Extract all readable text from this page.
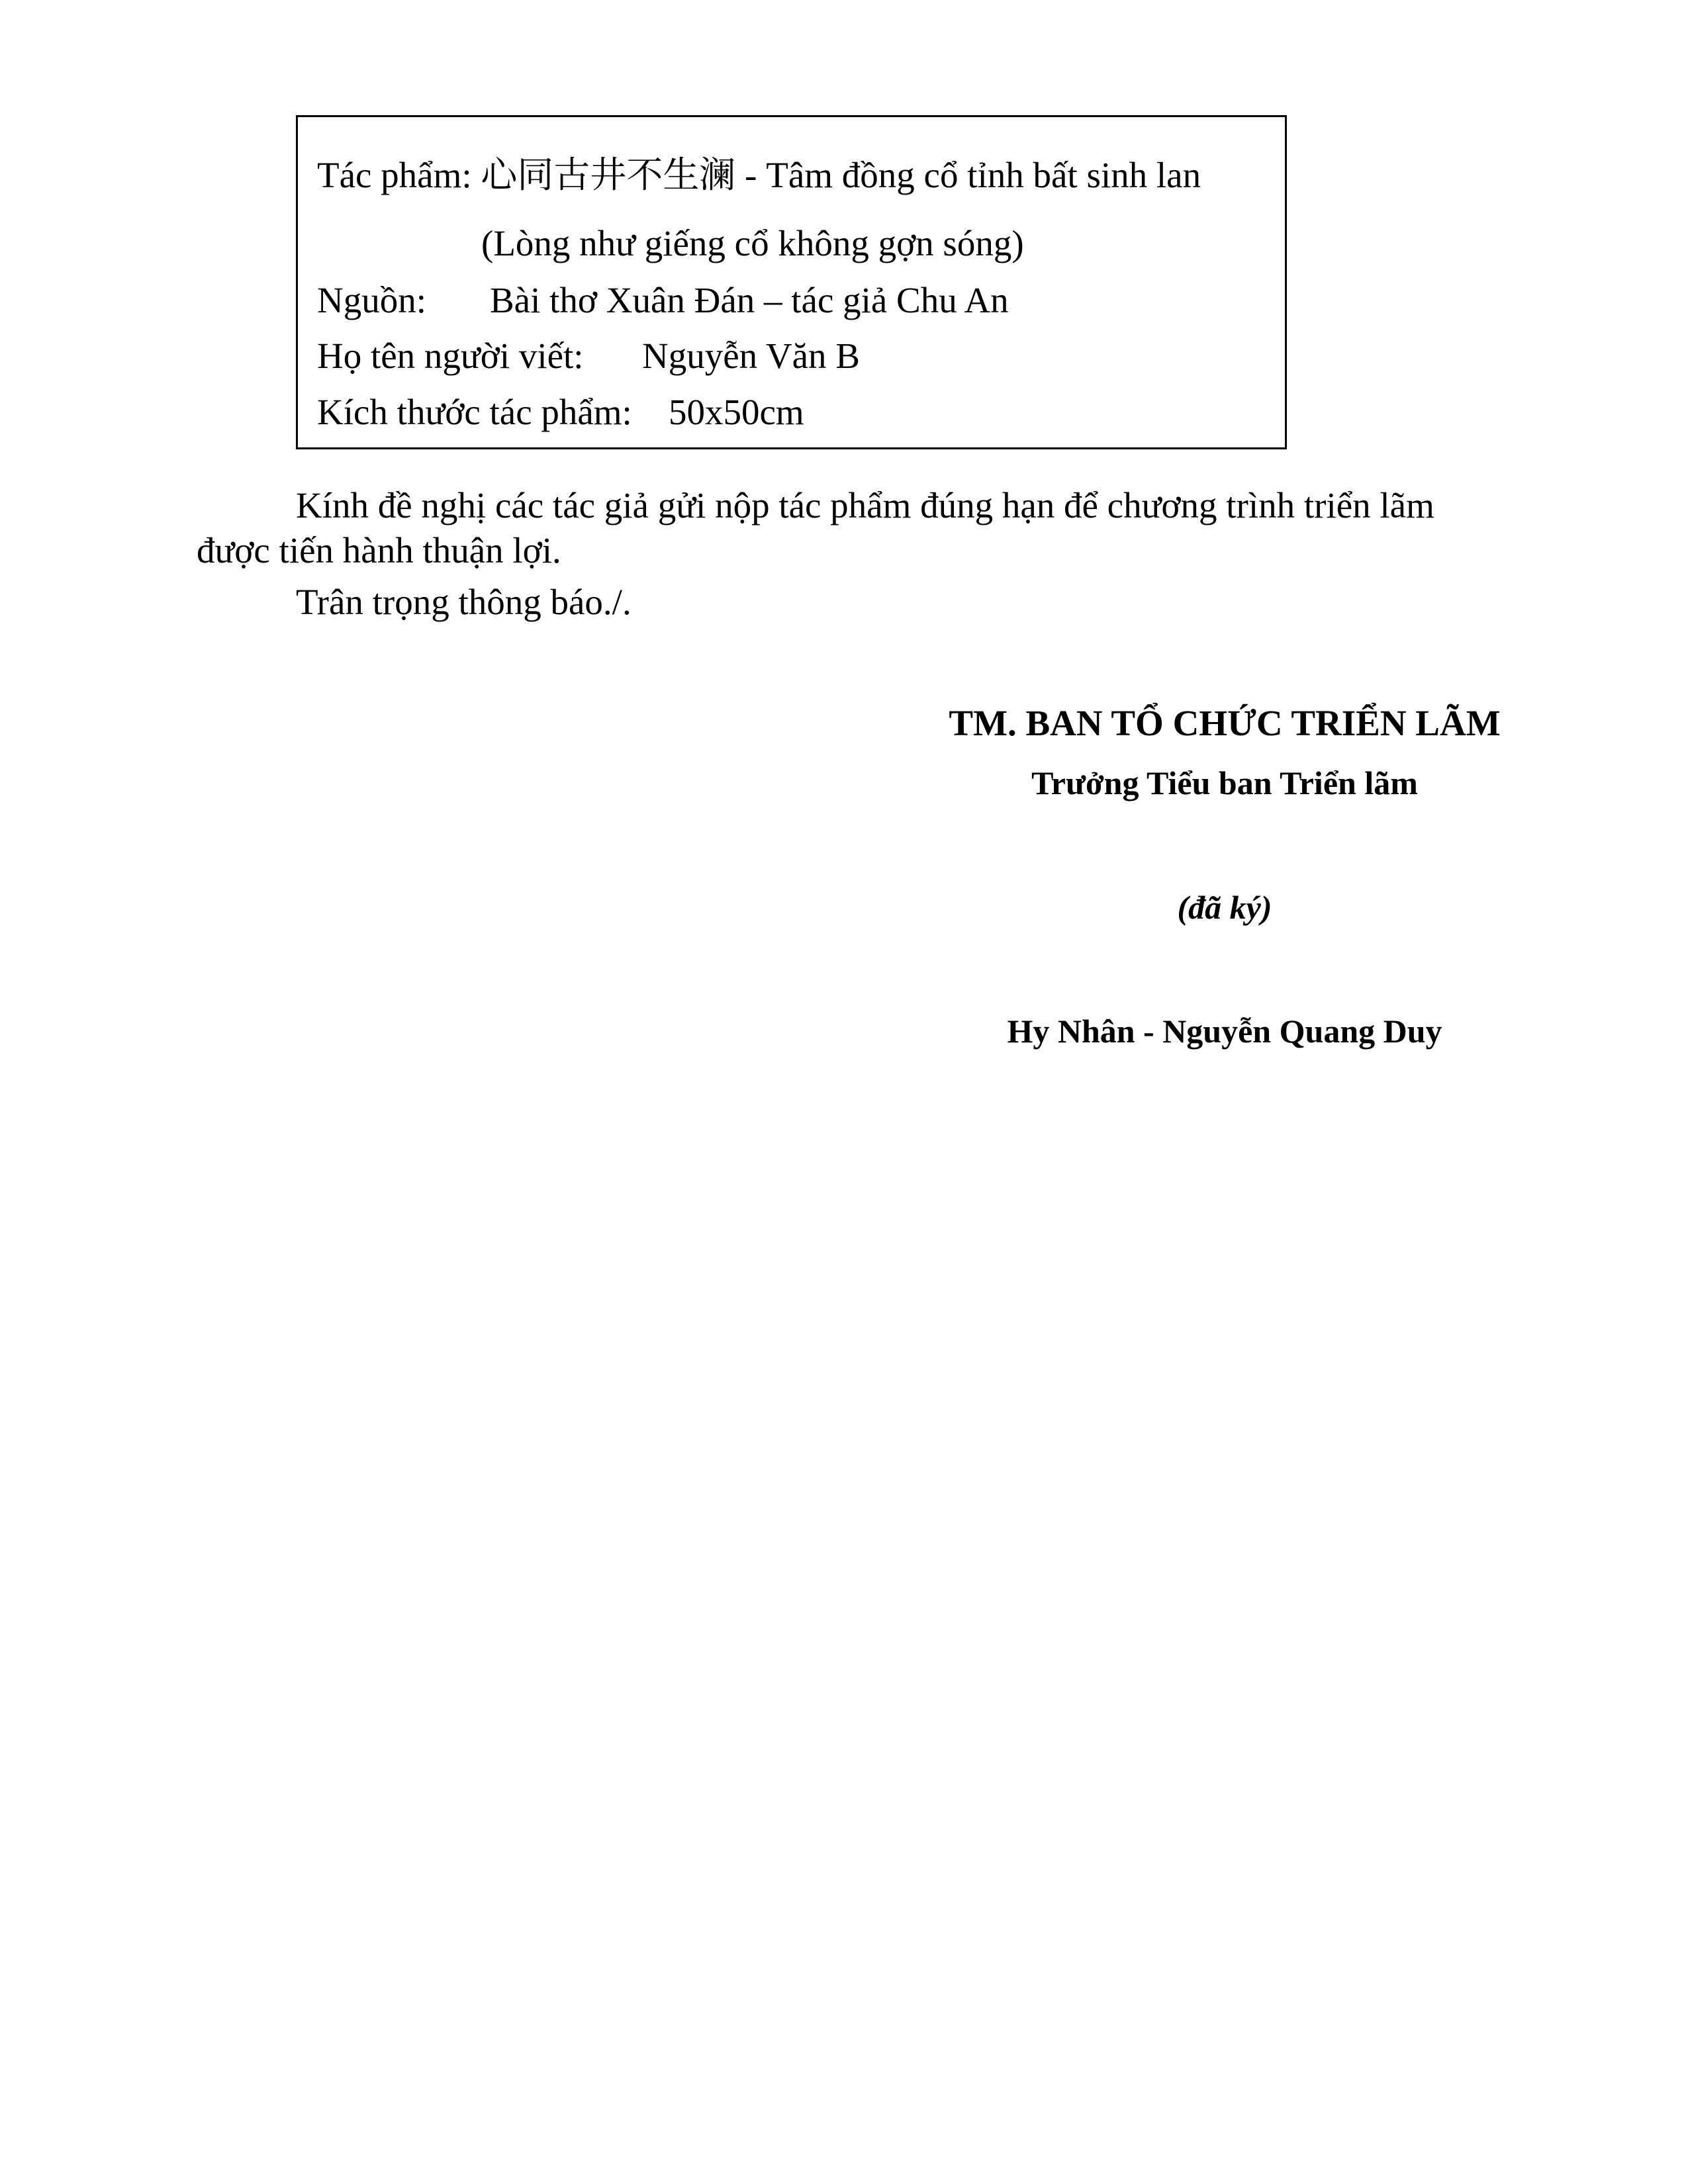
Tác phẩm: 心同古井不生澜 - Tâm đồng cổ tỉnh bất sinh lan
(Lòng như giếng cổ không gợn sóng)
Nguồn: Bài thơ Xuân Đán – tác giả Chu An
Họ tên người viết: Nguyễn Văn B
Kích thước tác phẩm: 50x50cm
Kính đề nghị các tác giả gửi nộp tác phẩm đúng hạn để chương trình triển lãm
được tiến hành thuận lợi.
Trân trọng thông báo./.
TM. BAN TỔ CHỨC TRIỂN LÃM
Trưởng Tiểu ban Triển lãm
(đã ký)
Hy Nhân - Nguyễn Quang Duy
